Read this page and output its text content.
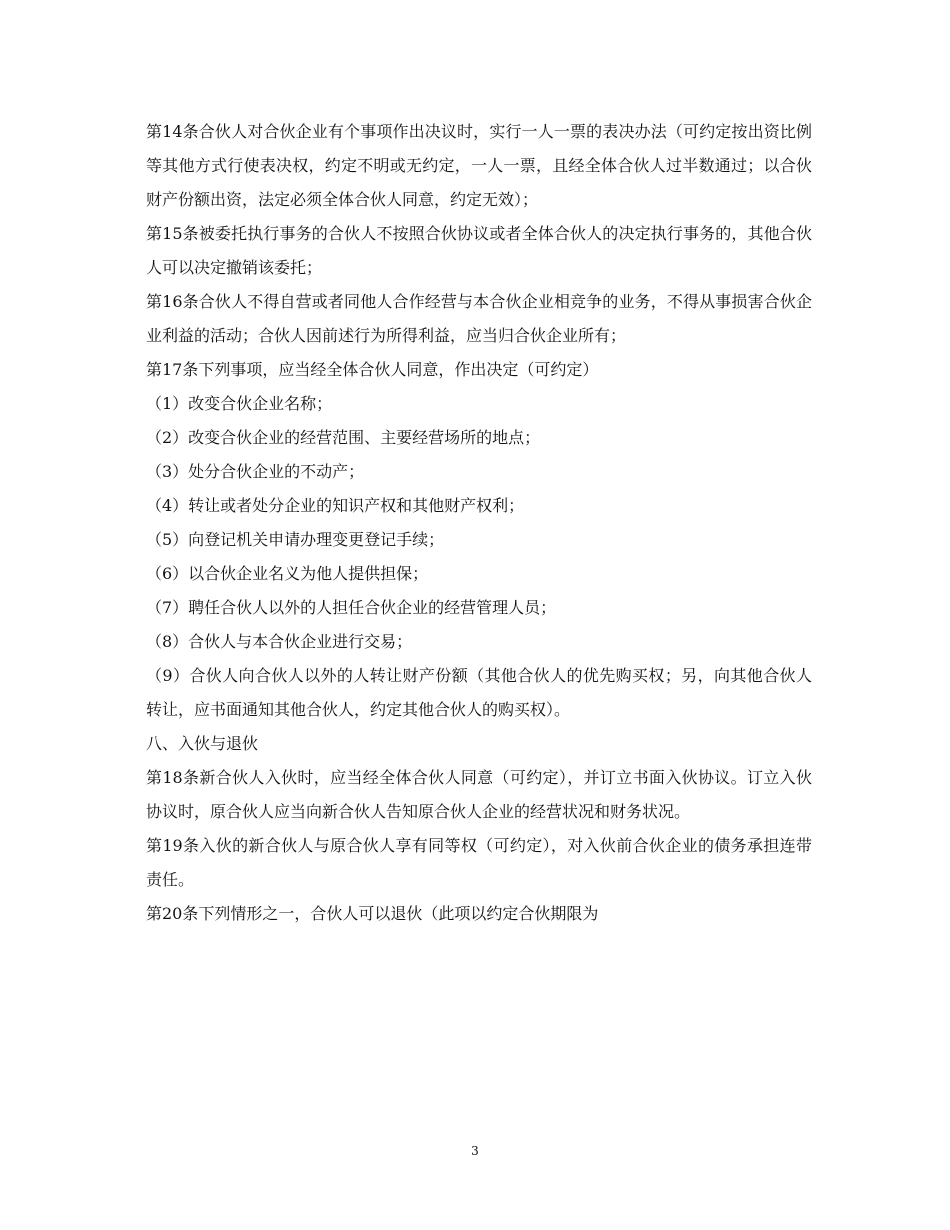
第14条合伙人对合伙企业有个事项作出决议时，实行一人一票的表决办法（可约定按出资比例等其他方式行使表决权，约定不明或无约定，一人一票，且经全体合伙人过半数通过；以合伙财产份额出资，法定必须全体合伙人同意，约定无效）；

第15条被委托执行事务的合伙人不按照合伙协议或者全体合伙人的决定执行事务的，其他合伙人可以决定撤销该委托；

第16条合伙人不得自营或者同他人合作经营与本合伙企业相竞争的业务，不得从事损害合伙企业利益的活动；合伙人因前述行为所得利益，应当归合伙企业所有；

第17条下列事项，应当经全体合伙人同意，作出决定（可约定）

（1）改变合伙企业名称；

（2）改变合伙企业的经营范围、主要经营场所的地点；

（3）处分合伙企业的不动产；

（4）转让或者处分企业的知识产权和其他财产权利；

（5）向登记机关申请办理变更登记手续；

（6）以合伙企业名义为他人提供担保；

（7）聘任合伙人以外的人担任合伙企业的经营管理人员；

（8）合伙人与本合伙企业进行交易；

（9）合伙人向合伙人以外的人转让财产份额（其他合伙人的优先购买权；另，向其他合伙人转让，应书面通知其他合伙人，约定其他合伙人的购买权）。

八、入伙与退伙

第18条新合伙人入伙时，应当经全体合伙人同意（可约定），并订立书面入伙协议。订立入伙协议时，原合伙人应当向新合伙人告知原合伙人企业的经营状况和财务状况。

第19条入伙的新合伙人与原合伙人享有同等权（可约定），对入伙前合伙企业的债务承担连带责任。

第20条下列情形之一，合伙人可以退伙（此项以约定合伙期限为

3
